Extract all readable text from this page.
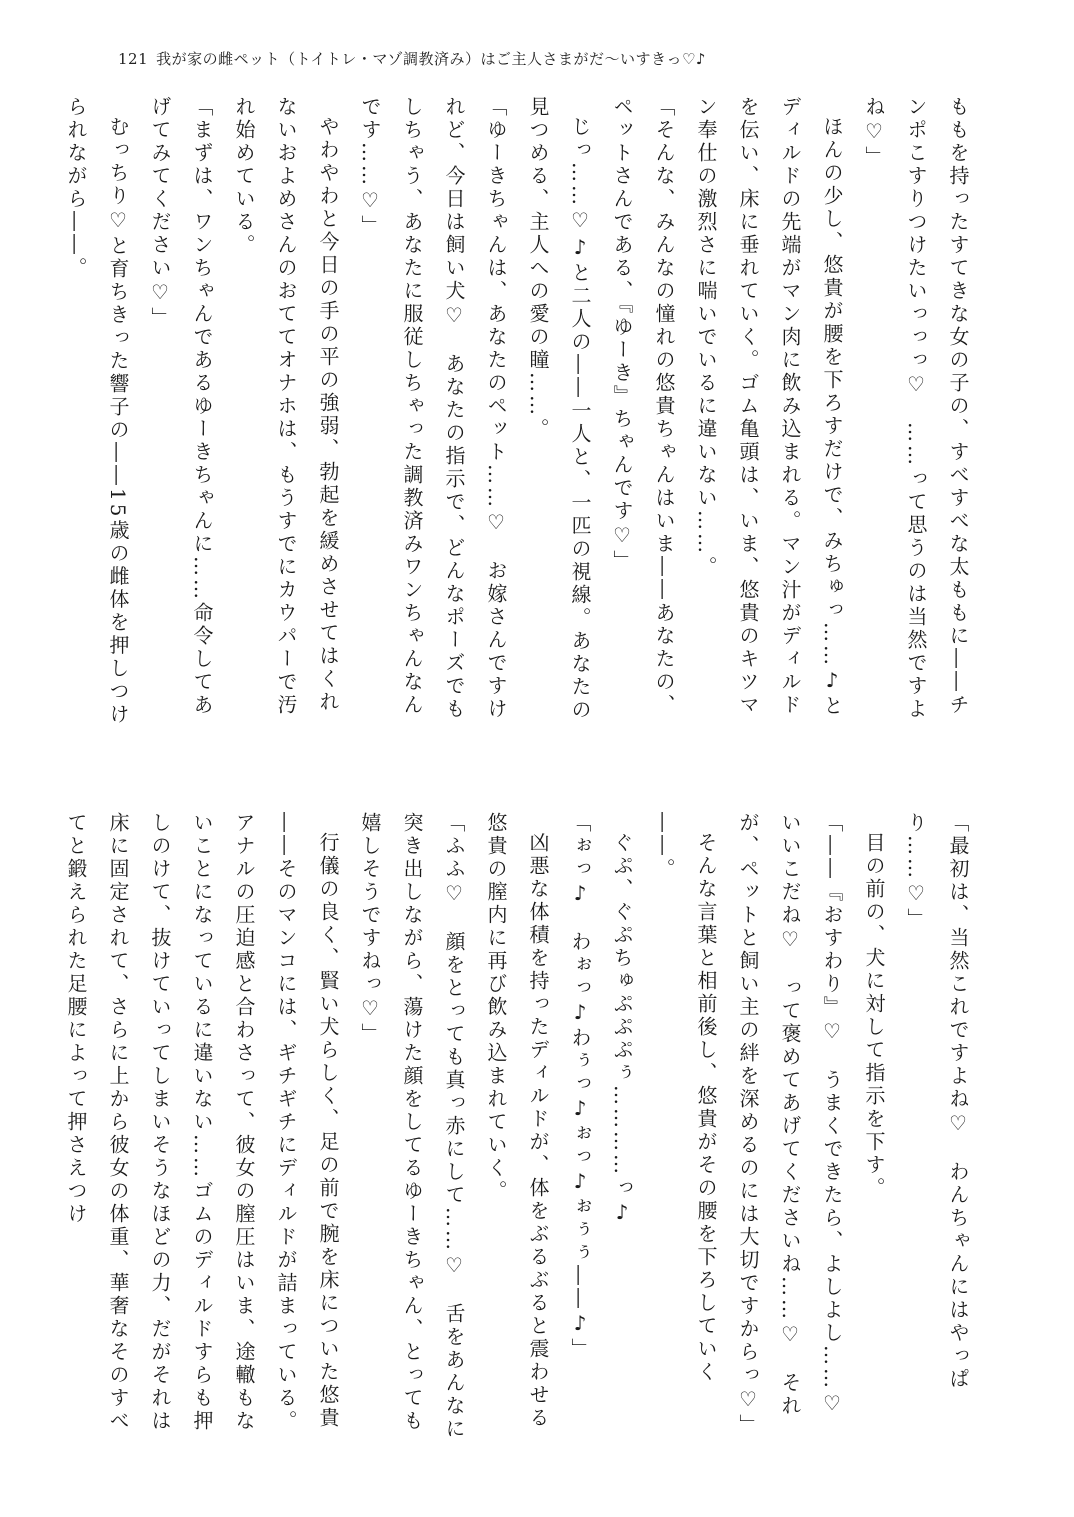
121 我が家の雌ペット（トイトレ・マゾ調教済み）はご主人さまがだ〜いすきっ♡♪

ももを持ったすてきな女の子の、すべすべな太ももに――チンポこすりつけたいっっっ♡　……って思うのは当然ですよね♡」

ほんの少し、悠貴が腰を下ろすだけで、みちゅっ……♪とディルドの先端がマン肉に飲み込まれる。マン汁がディルドを伝い、床に垂れていく。ゴム亀頭は、いま、悠貴のキツマン奉仕の激烈さに喘いでいるに違いない……。

「そんな、みんなの憧れの悠貴ちゃんはいま――あなたの、ペットさんである、『ゆーき』ちゃんです♡」

じっ……♡♪と二人の――一人と、一匹の視線。あなたの見つめる、主人への愛の瞳……。

「ゆーきちゃんは、あなたのペット……♡　お嫁さんですけれど、今日は飼い犬♡　あなたの指示で、どんなポーズでもしちゃう、あなたに服従しちゃった調教済みワンちゃんなんです……♡」

やわやわと今日の手の平の強弱、勃起を緩めさせてはくれないおよめさんのおててオナホは、もうすでにカウパーで汚れ始めている。

「まずは、ワンちゃんであるゆーきちゃんに……命令してあげてみてください♡」

むっちり♡と育ちきった響子の――15歳の雌体を押しつけられながら――。

「最初は、当然これですよね♡　わんちゃんにはやっぱり……♡」

目の前の、犬に対して指示を下す。

「――『おすわり』♡　うまくできたら、よしよし……♡　いいこだね♡　って褒めてあげてくださいね……♡　それが、ペットと飼い主の絆を深めるのには大切ですからっ♡」

そんな言葉と相前後し、悠貴がその腰を下ろしていく――。

ぐぷ、ぐぷちゅぷぷぷぅ…………っ♪

「ぉっ♪　わぉっ♪わぅっ♪ぉっ♪ぉぅぅ――♪」

凶悪な体積を持ったディルドが、体をぶるぶると震わせる悠貴の膣内に再び飲み込まれていく。

「ふふ♡　顔をとっても真っ赤にして……♡　舌をあんなに突き出しながら、蕩けた顔をしてるゆーきちゃん、とっても嬉しそうですねっ♡」

行儀の良く、賢い犬らしく、足の前で腕を床についた悠貴――そのマンコには、ギチギチにディルドが詰まっている。アナルの圧迫感と合わさって、彼女の膣圧はいま、途轍もないことになっているに違いない……ゴムのディルドすらも押しのけて、抜けていってしまいそうなほどの力、だがそれは床に固定されて、さらに上から彼女の体重、華奢なそのすべてと鍛えられた足腰によって押さえつけ
